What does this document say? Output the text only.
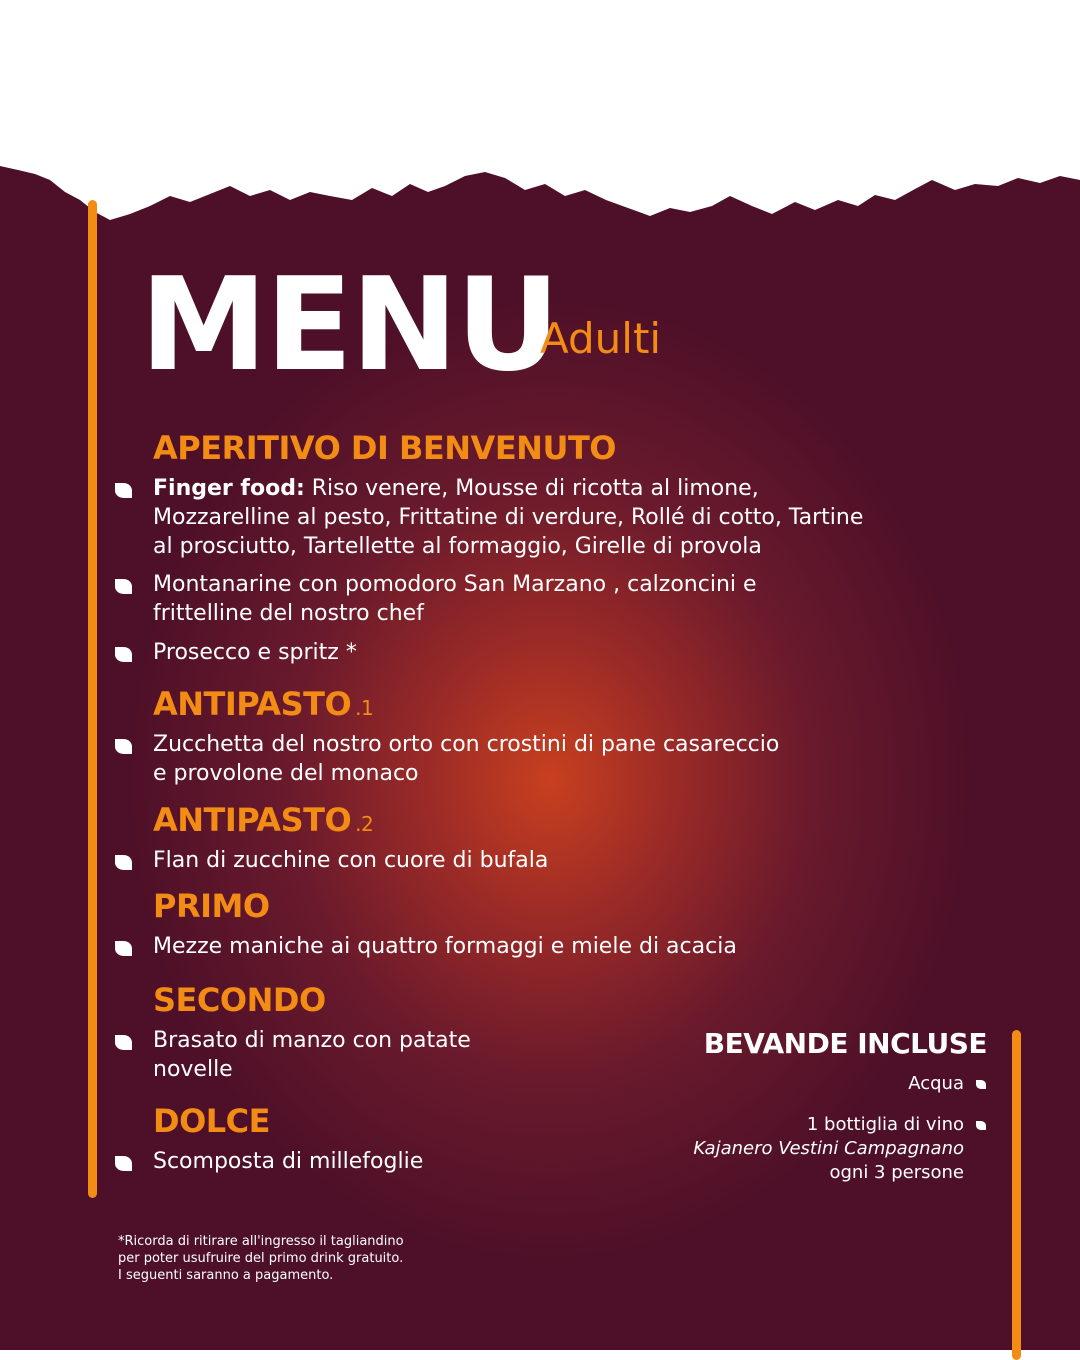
MENU
Adulti
APERITIVO DI BENVENUTO
Finger food: Riso venere, Mousse di ricotta al limone,
Mozzarelline al pesto, Frittatine di verdure, Rollé di cotto, Tartine
al prosciutto, Tartellette al formaggio, Girelle di provola
Montanarine con pomodoro San Marzano , calzoncini e
frittelline del nostro chef
Prosecco e spritz *
ANTIPASTO .1
Zucchetta del nostro orto con crostini di pane casareccio
e provolone del monaco
ANTIPASTO .2
Flan di zucchine con cuore di bufala
PRIMO
Mezze maniche ai quattro formaggi e miele di acacia
SECONDO
Brasato di manzo con patate
novelle
DOLCE
Scomposta di millefoglie
BEVANDE INCLUSE
Acqua
1 bottiglia di vino
Kajanero Vestini Campagnano
ogni 3 persone
*Ricorda di ritirare all'ingresso il tagliandino
per poter usufruire del primo drink gratuito.
I seguenti saranno a pagamento.
